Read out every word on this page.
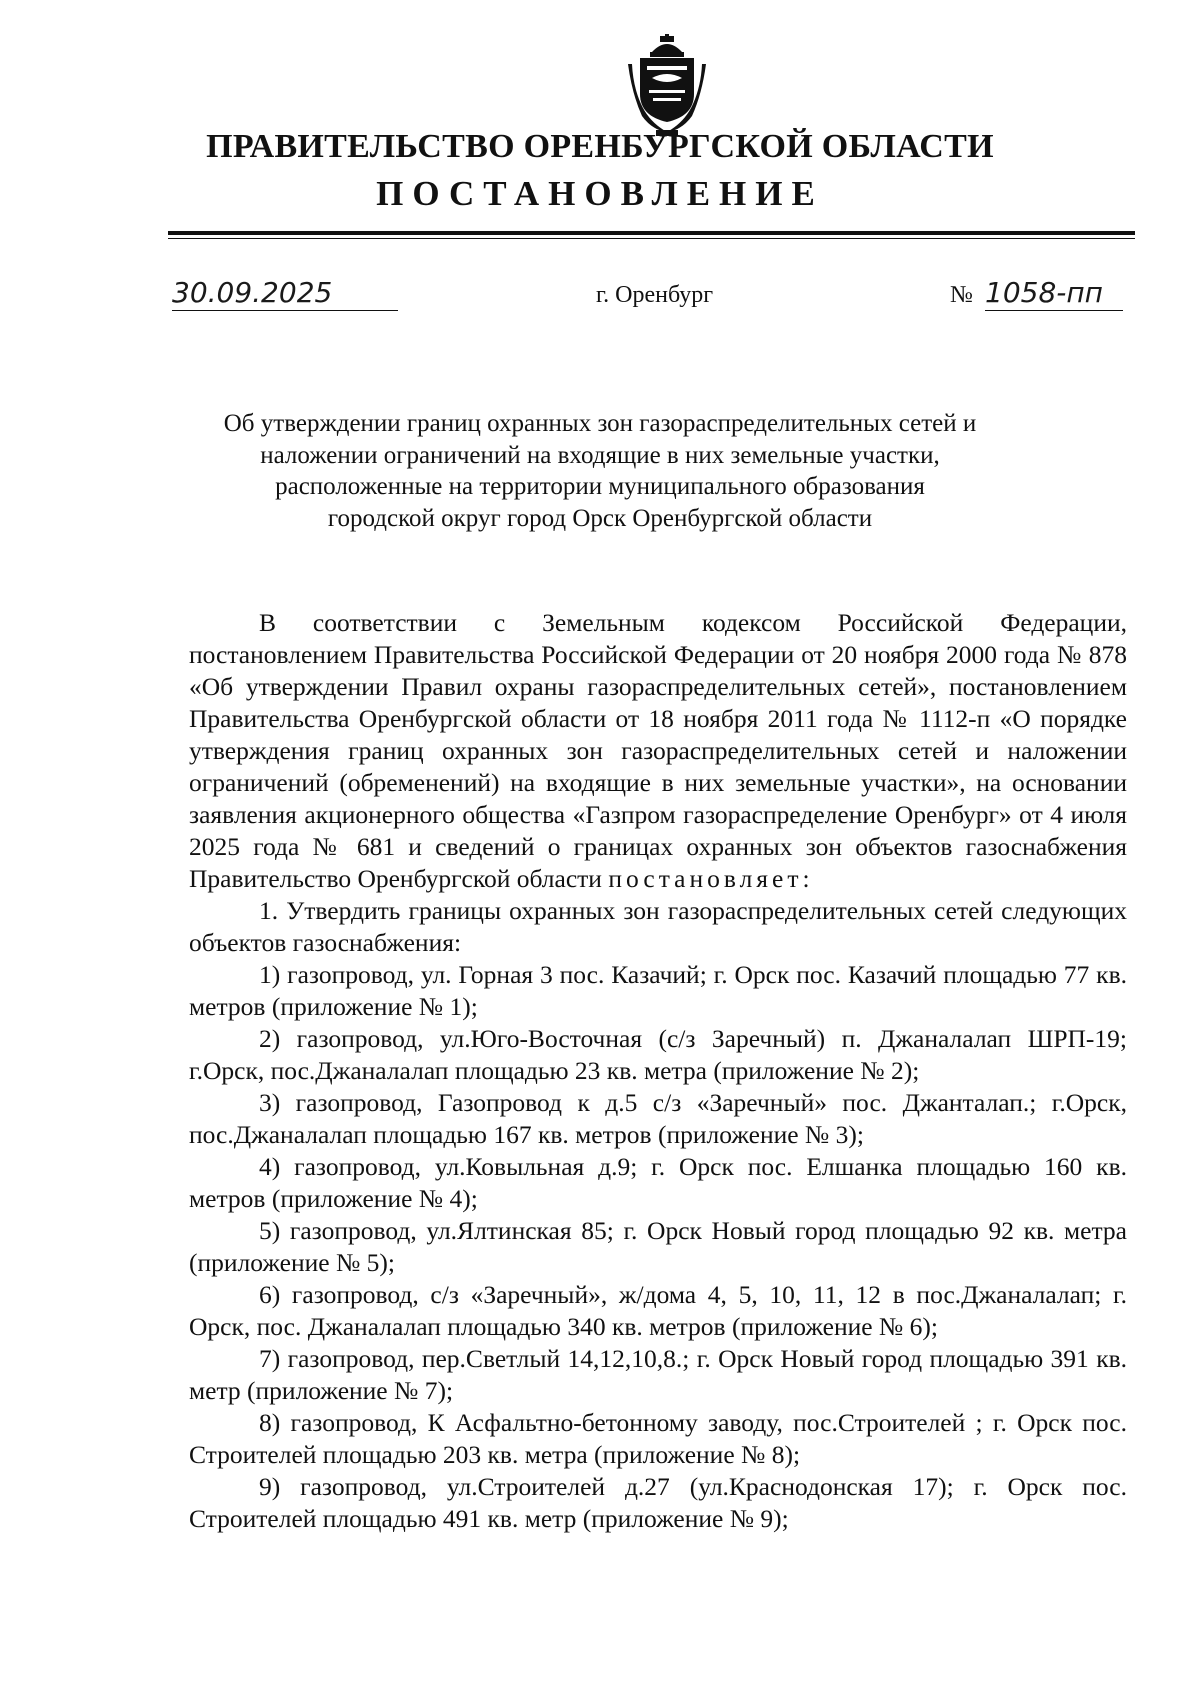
ПРАВИТЕЛЬСТВО ОРЕНБУРГСКОЙ ОБЛАСТИ
ПОСТАНОВЛЕНИЕ
30.09.2025	г. Оренбург	№ 1058-пп
Об утверждении границ охранных зон газораспределительных сетей и
наложении ограничений на входящие в них земельные участки,
расположенные на территории муниципального образования
городской округ город Орск Оренбургской области

В соответствии с Земельным кодексом Российской Федерации, постановлением Правительства Российской Федерации от 20 ноября 2000 года № 878 «Об утверждении Правил охраны газораспределительных сетей», постановлением Правительства Оренбургской области от 18 ноября 2011 года № 1112-п «О порядке утверждения границ охранных зон газораспределительных сетей и наложении ограничений (обременений) на входящие в них земельные участки», на основании заявления акционерного общества «Газпром газораспределение Оренбург» от 4 июля 2025 года № 681 и сведений о границах охранных зон объектов газоснабжения Правительство Оренбургской области постановляет:

1. Утвердить границы охранных зон газораспределительных сетей следующих объектов газоснабжения:

1) газопровод, ул. Горная 3 пос. Казачий; г. Орск пос. Казачий площадью 77 кв. метров (приложение № 1);

2) газопровод, ул.Юго-Восточная (с/з Заречный) п. Джаналалап ШРП-19; г.Орск, пос.Джаналалап площадью 23 кв. метра (приложение № 2);

3) газопровод, Газопровод к д.5 с/з «Заречный» пос. Джанталап.; г.Орск, пос.Джаналалап площадью 167 кв. метров (приложение № 3);

4) газопровод, ул.Ковыльная д.9; г. Орск пос. Елшанка площадью 160 кв. метров (приложение № 4);

5) газопровод, ул.Ялтинская 85; г. Орск Новый город площадью 92 кв. метра (приложение № 5);

6) газопровод, с/з «Заречный», ж/дома 4, 5, 10, 11, 12 в пос.Джаналалап; г. Орск, пос. Джаналалап площадью 340 кв. метров (приложение № 6);

7) газопровод, пер.Светлый 14,12,10,8.; г. Орск Новый город площадью 391 кв. метр (приложение № 7);

8) газопровод, К Асфальтно-бетонному заводу, пос.Строителей ; г. Орск пос. Строителей площадью 203 кв. метра (приложение № 8);

9) газопровод, ул.Строителей д.27 (ул.Краснодонская 17); г. Орск пос. Строителей площадью 491 кв. метр (приложение № 9);
